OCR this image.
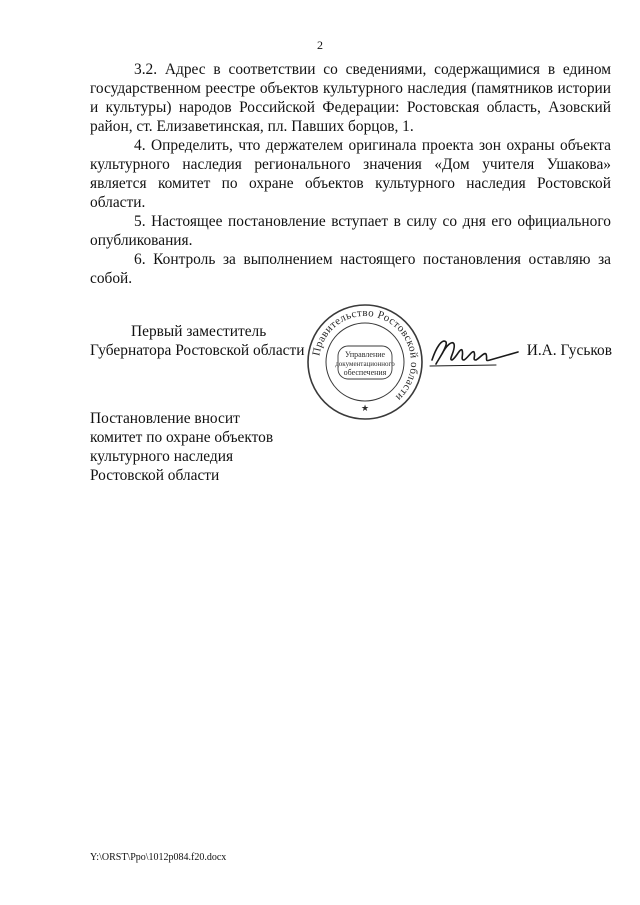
2

3.2. Адрес в соответствии со сведениями, содержащимися в едином государственном реестре объектов культурного наследия (памятников истории и культуры) народов Российской Федерации: Ростовская область, Азовский район, ст. Елизаветинская, пл. Павших борцов, 1.

4. Определить, что держателем оригинала проекта зон охраны объекта культурного наследия регионального значения «Дом учителя Ушакова» является комитет по охране объектов культурного наследия Ростовской области.

5. Настоящее постановление вступает в силу со дня его официального опубликования.

6. Контроль за выполнением настоящего постановления оставляю за собой.

Первый заместитель
Губернатора Ростовской области Правительство Ростовской области
Управление
документационного
обеспечения
★
И.А. Гуськов
Постановление вносит
комитет по охране объектов
культурного наследия
Ростовской области
Y:\ORST\Ppo\1012p084.f20.docx
